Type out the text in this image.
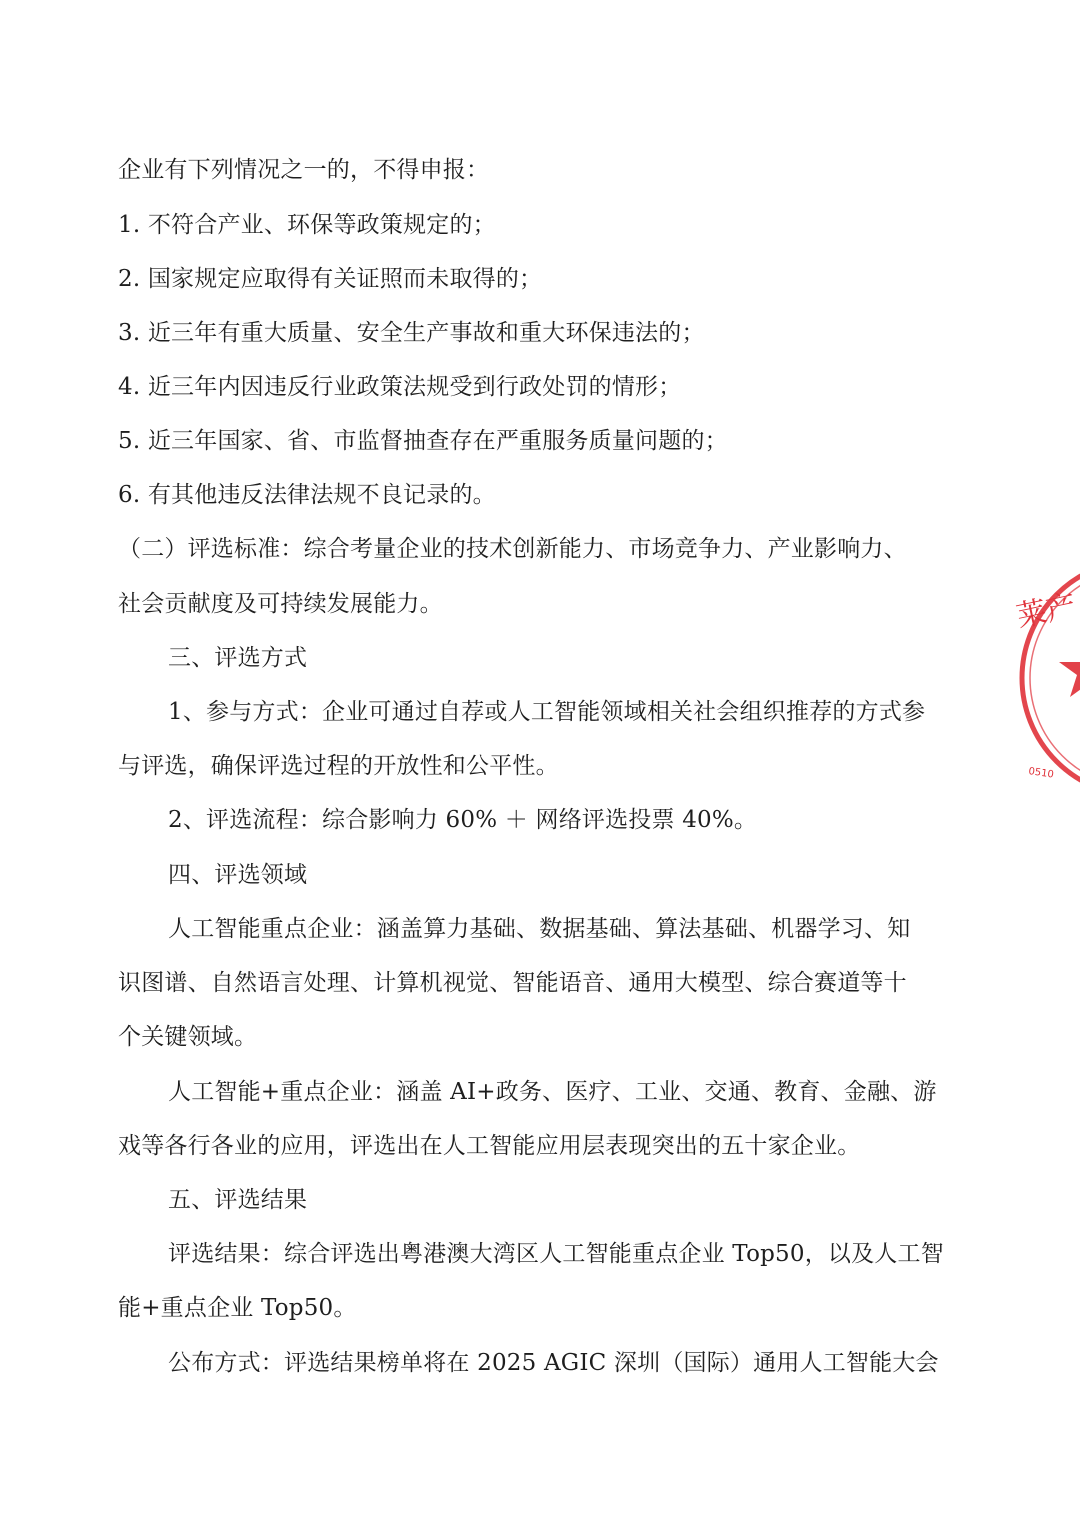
企业有下列情况之一的，不得申报：
1. 不符合产业、环保等政策规定的；
2. 国家规定应取得有关证照而未取得的；
3. 近三年有重大质量、安全生产事故和重大环保违法的；
4. 近三年内因违反行业政策法规受到行政处罚的情形；
5. 近三年国家、省、市监督抽查存在严重服务质量问题的；
6. 有其他违反法律法规不良记录的。
（二）评选标准：综合考量企业的技术创新能力、市场竞争力、产业影响力、
社会贡献度及可持续发展能力。
三、评选方式
1、参与方式：企业可通过自荐或人工智能领域相关社会组织推荐的方式参
与评选，确保评选过程的开放性和公平性。
2、评选流程：综合影响力 60% ＋ 网络评选投票 40%。
四、评选领域
人工智能重点企业：涵盖算力基础、数据基础、算法基础、机器学习、知
识图谱、自然语言处理、计算机视觉、智能语音、通用大模型、综合赛道等十
个关键领域。
人工智能+重点企业：涵盖 AI+政务、医疗、工业、交通、教育、金融、游
戏等各行各业的应用，评选出在人工智能应用层表现突出的五十家企业。
五、评选结果
评选结果：综合评选出粤港澳大湾区人工智能重点企业 Top50，以及人工智
能+重点企业 Top50。
公布方式：评选结果榜单将在 2025 AGIC 深圳（国际）通用人工智能大会
莱产
0510
